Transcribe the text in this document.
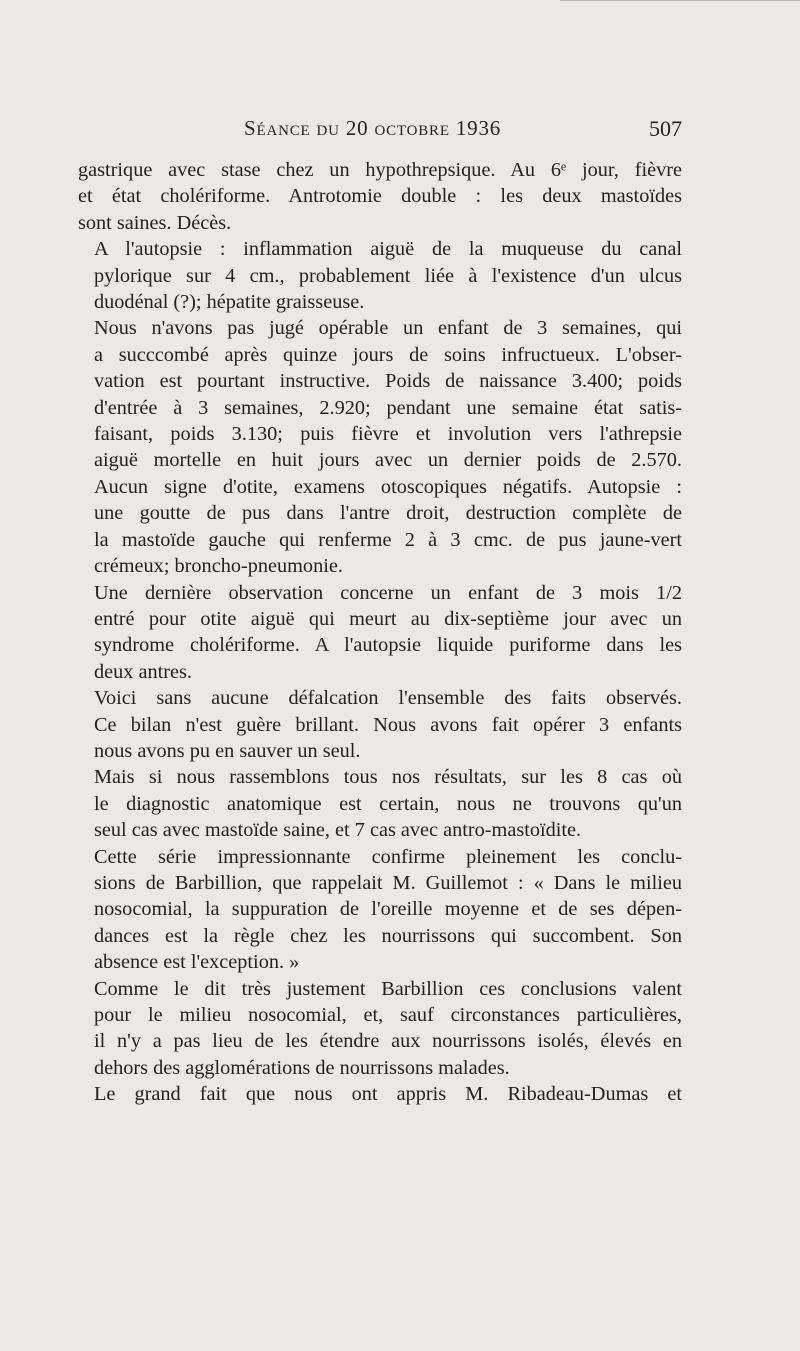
Séance du 20 octobre 1936	507
gastrique avec stase chez un hypothrepsique. Au 6ᵉ jour, fièvre
et état cholériforme. Antrotomie double : les deux mastoïdes
sont saines. Décès.
A l'autopsie : inflammation aiguë de la muqueuse du canal
pylorique sur 4 cm., probablement liée à l'existence d'un ulcus
duodénal (?); hépatite graisseuse.
Nous n'avons pas jugé opérable un enfant de 3 semaines, qui
a succcombé après quinze jours de soins infructueux. L'obser-
vation est pourtant instructive. Poids de naissance 3.400; poids
d'entrée à 3 semaines, 2.920; pendant une semaine état satis-
faisant, poids 3.130; puis fièvre et involution vers l'athrepsie
aiguë mortelle en huit jours avec un dernier poids de 2.570.
Aucun signe d'otite, examens otoscopiques négatifs. Autopsie :
une goutte de pus dans l'antre droit, destruction complète de
la mastoïde gauche qui renferme 2 à 3 cmc. de pus jaune-vert
crémeux; broncho-pneumonie.
Une dernière observation concerne un enfant de 3 mois 1/2
entré pour otite aiguë qui meurt au dix-septième jour avec un
syndrome cholériforme. A l'autopsie liquide puriforme dans les
deux antres.
Voici sans aucune défalcation l'ensemble des faits observés.
Ce bilan n'est guère brillant. Nous avons fait opérer 3 enfants
nous avons pu en sauver un seul.
Mais si nous rassemblons tous nos résultats, sur les 8 cas où
le diagnostic anatomique est certain, nous ne trouvons qu'un
seul cas avec mastoïde saine, et 7 cas avec antro-mastoïdite.
Cette série impressionnante confirme pleinement les conclu-
sions de Barbillion, que rappelait M. Guillemot : « Dans le milieu
nosocomial, la suppuration de l'oreille moyenne et de ses dépen-
dances est la règle chez les nourrissons qui succombent. Son
absence est l'exception. »
Comme le dit très justement Barbillion ces conclusions valent
pour le milieu nosocomial, et, sauf circonstances particulières,
il n'y a pas lieu de les étendre aux nourrissons isolés, élevés en
dehors des agglomérations de nourrissons malades.
Le grand fait que nous ont appris M. Ribadeau-Dumas et
